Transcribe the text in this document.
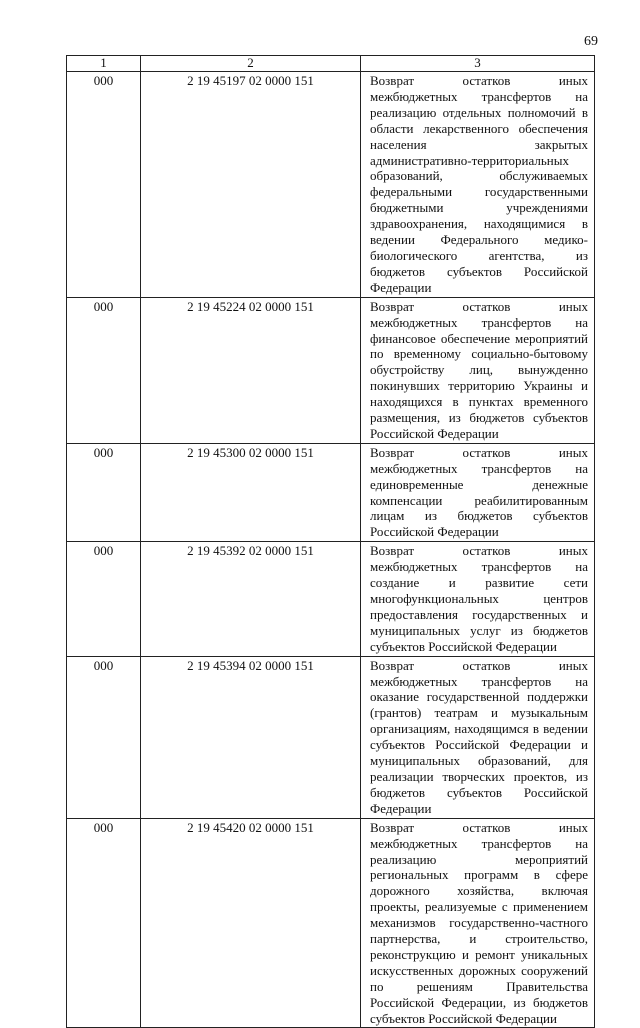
69
1	2	3
000	2 19 45197 02 0000 151	Возврат остатков иных межбюджетных трансфертов на реализацию отдельных полномочий в области лекарственного обеспечения населения закрытых административно-территориальных образований, обслуживаемых федеральными государственными бюджетными учреждениями здравоохранения, находящимися в ведении Федерального медико-биологического агентства, из бюджетов субъектов Российской Федерации
000	2 19 45224 02 0000 151	Возврат остатков иных межбюджетных трансфертов на финансовое обеспечение мероприятий по временному социально-бытовому обустройству лиц, вынужденно покинувших территорию Украины и находящихся в пунктах временного размещения, из бюджетов субъектов Российской Федерации
000	2 19 45300 02 0000 151	Возврат остатков иных межбюджетных трансфертов на единовременные денежные компенсации реабилитированным лицам из бюджетов субъектов Российской Федерации
000	2 19 45392 02 0000 151	Возврат остатков иных межбюджетных трансфертов на создание и развитие сети многофункциональных центров предоставления государственных и муниципальных услуг из бюджетов субъектов Российской Федерации
000	2 19 45394 02 0000 151	Возврат остатков иных межбюджетных трансфертов на оказание государственной поддержки (грантов) театрам и музыкальным организациям, находящимся в ведении субъектов Российской Федерации и муниципальных образований, для реализации творческих проектов, из бюджетов субъектов Российской Федерации
000	2 19 45420 02 0000 151	Возврат остатков иных межбюджетных трансфертов на реализацию мероприятий региональных программ в сфере дорожного хозяйства, включая проекты, реализуемые с применением механизмов государственно-частного партнерства, и строительство, реконструкцию и ремонт уникальных искусственных дорожных сооружений по решениям Правительства Российской Федерации, из бюджетов субъектов Российской Федерации
